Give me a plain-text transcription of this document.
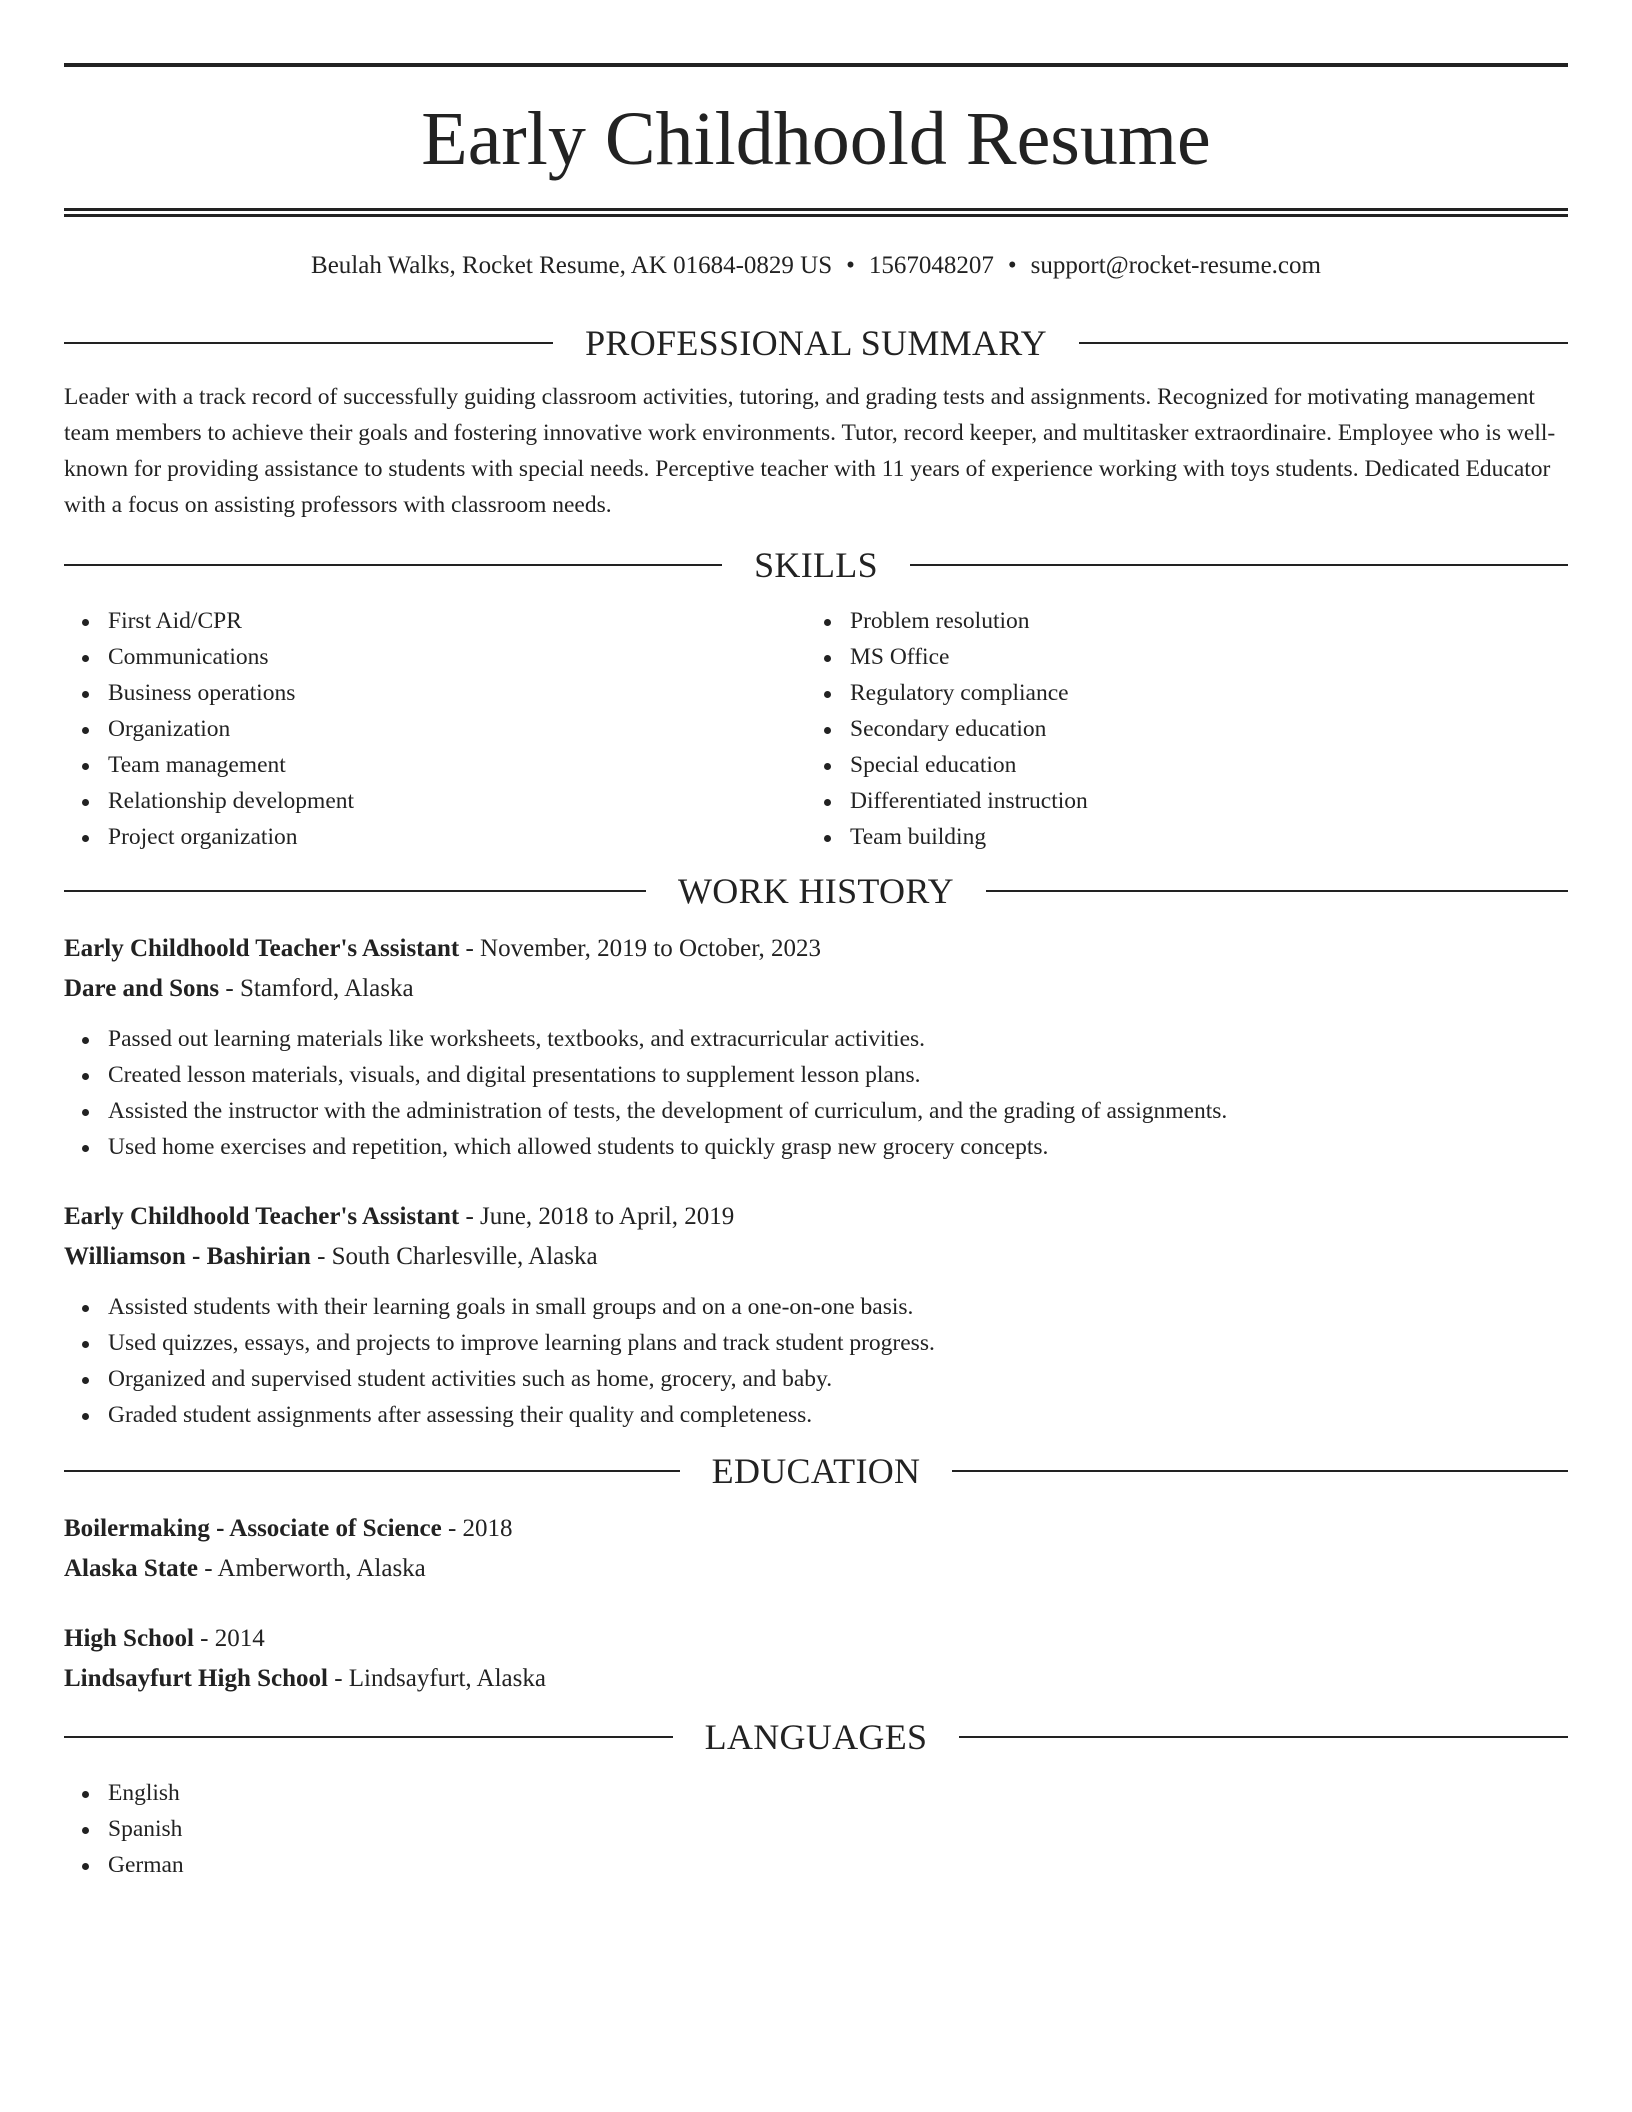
Early Childhoold Resume
Beulah Walks, Rocket Resume, AK 01684-0829 US • 1567048207 • support@rocket-resume.com
PROFESSIONAL SUMMARY

Leader with a track record of successfully guiding classroom activities, tutoring, and grading tests and assignments. Recognized for motivating management team members to achieve their goals and fostering innovative work environments. Tutor, record keeper, and multitasker extraordinaire. Employee who is well-known for providing assistance to students with special needs. Perceptive teacher with 11 years of experience working with toys students. Dedicated Educator with a focus on assisting professors with classroom needs.

SKILLS
First Aid/CPR
Communications
Business operations
Organization
Team management
Relationship development
Project organization
Problem resolution
MS Office
Regulatory compliance
Secondary education
Special education
Differentiated instruction
Team building
WORK HISTORY
Early Childhoold Teacher's Assistant - November, 2019 to October, 2023
Dare and Sons - Stamford, Alaska
Passed out learning materials like worksheets, textbooks, and extracurricular activities.
Created lesson materials, visuals, and digital presentations to supplement lesson plans.
Assisted the instructor with the administration of tests, the development of curriculum, and the grading of assignments.
Used home exercises and repetition, which allowed students to quickly grasp new grocery concepts.
Early Childhoold Teacher's Assistant - June, 2018 to April, 2019
Williamson - Bashirian - South Charlesville, Alaska
Assisted students with their learning goals in small groups and on a one-on-one basis.
Used quizzes, essays, and projects to improve learning plans and track student progress.
Organized and supervised student activities such as home, grocery, and baby.
Graded student assignments after assessing their quality and completeness.
EDUCATION
Boilermaking - Associate of Science - 2018
Alaska State - Amberworth, Alaska
High School - 2014
Lindsayfurt High School - Lindsayfurt, Alaska
LANGUAGES
English
Spanish
German
